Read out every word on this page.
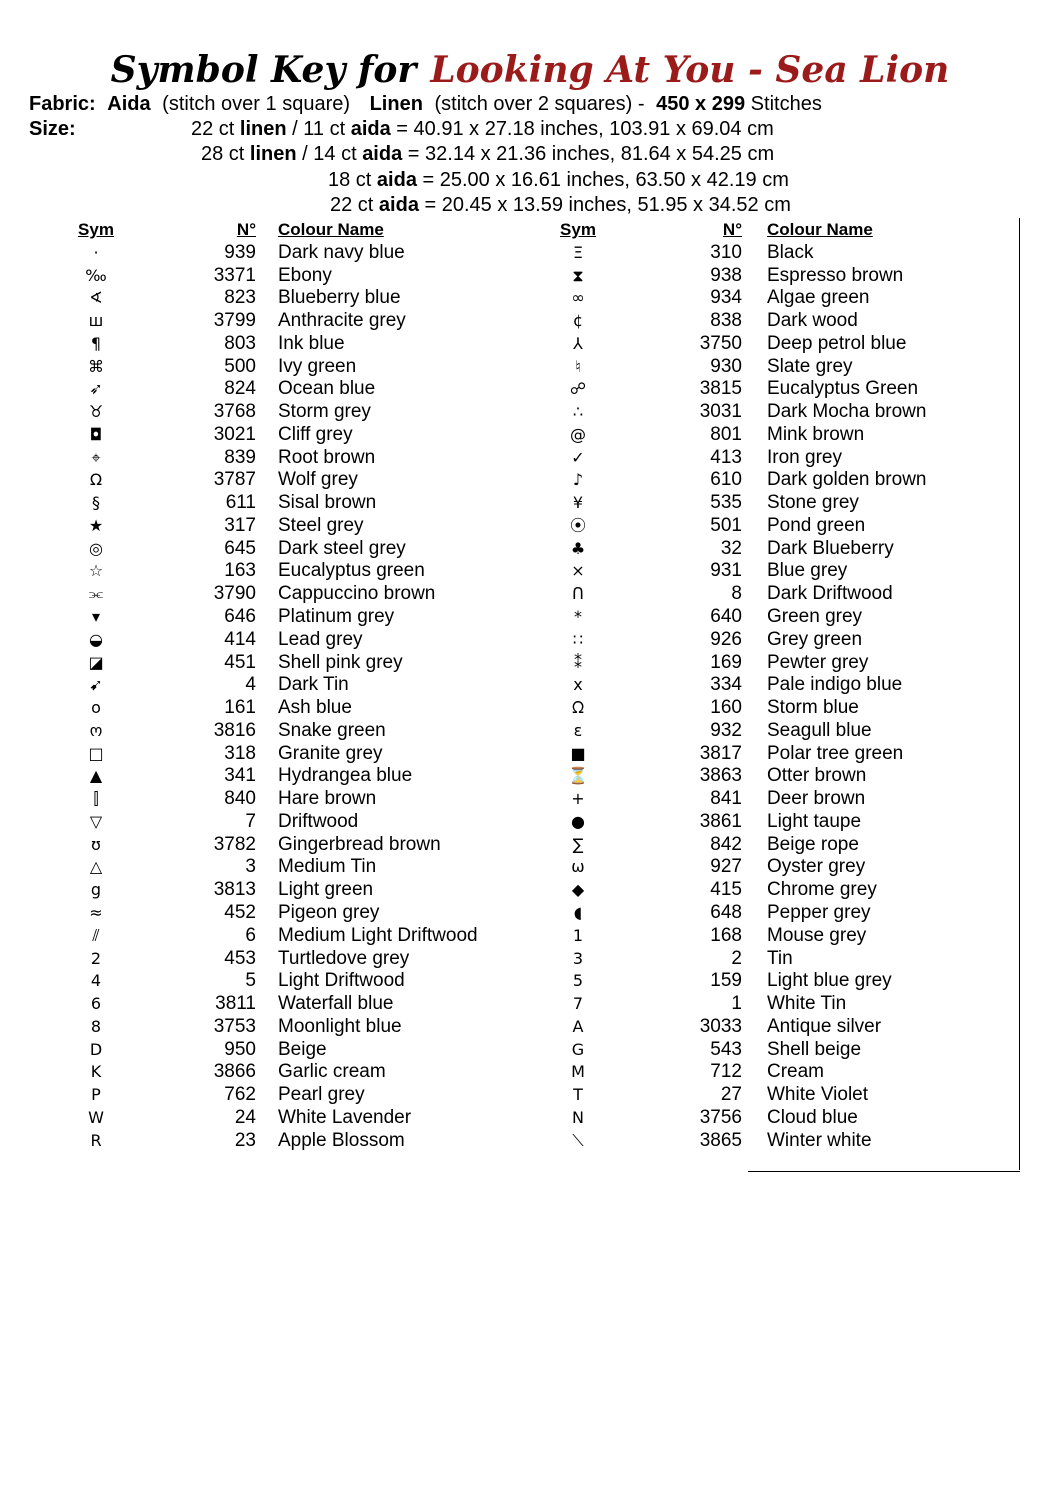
Symbol Key for Looking At You - Sea Lion
Fabric: Aida (stitch over 1 square) Linen (stitch over 2 squares) - 450 x 299 Stitches
Size:	22 ct linen / 11 ct aida = 40.91 x 27.18 inches, 103.91 x 69.04 cm
28 ct linen / 14 ct aida = 32.14 x 21.36 inches, 81.64 x 54.25 cm
18 ct aida = 25.00 x 16.61 inches, 63.50 x 42.19 cm
22 ct aida = 20.45 x 13.59 inches, 51.95 x 34.52 cm
Sym	N° Colour Name
·	939 Dark navy blue
‰	3371 Ebony
∢	823 Blueberry blue
ш	3799 Anthracite grey
¶	803 Ink blue
⌘	500 Ivy green
➶	824 Ocean blue
♉	3768 Storm grey
◘	3021 Cliff grey
⌖	839 Root brown
Ω	3787 Wolf grey
§	611 Sisal brown
★	317 Steel grey
◎	645 Dark steel grey
☆	163 Eucalyptus green
⫘	3790 Cappuccino brown
▾	646 Platinum grey
◒	414 Lead grey
◪	451 Shell pink grey
➹	4 Dark Tin
o	161 Ash blue
ო	3816 Snake green
□	318 Granite grey
▲	341 Hydrangea blue
⫿	840 Hare brown
▽	7 Driftwood
ʊ	3782 Gingerbread brown
△	3 Medium Tin
g	3813 Light green
≈	452 Pigeon grey
⫽	6 Medium Light Driftwood
2	453 Turtledove grey
4	5 Light Driftwood
6	3811 Waterfall blue
8	3753 Moonlight blue
D	950 Beige
K	3866 Garlic cream
P	762 Pearl grey
W	24 White Lavender
R	23 Apple Blossom
Sym	N° Colour Name
Ξ	310 Black
⧗	938 Espresso brown
∞	934 Algae green
¢	838 Dark wood
⅄	3750 Deep petrol blue
♮	930 Slate grey
☍	3815 Eucalyptus Green
∴	3031 Dark Mocha brown
@	801 Mink brown
✓	413 Iron grey
♪	610 Dark golden brown
¥	535 Stone grey
⦿	501 Pond green
♣	32 Dark Blueberry
⨯	931 Blue grey
ᑎ	8 Dark Driftwood
*	640 Green grey
∷	926 Grey green
⁑	169 Pewter grey
x	334 Pale indigo blue
ᘯ	160 Storm blue
ɛ	932 Seagull blue
■	3817 Polar tree green
⏳	3863 Otter brown
+	841 Deer brown
●	3861 Light taupe
∑	842 Beige rope
ω	927 Oyster grey
◆	415 Chrome grey
◖	648 Pepper grey
1	168 Mouse grey
3	2 Tin
5	159 Light blue grey
7	1 White Tin
A	3033 Antique silver
G	543 Shell beige
M	712 Cream
T	27 White Violet
N	3756 Cloud blue
⟍	3865 Winter white
